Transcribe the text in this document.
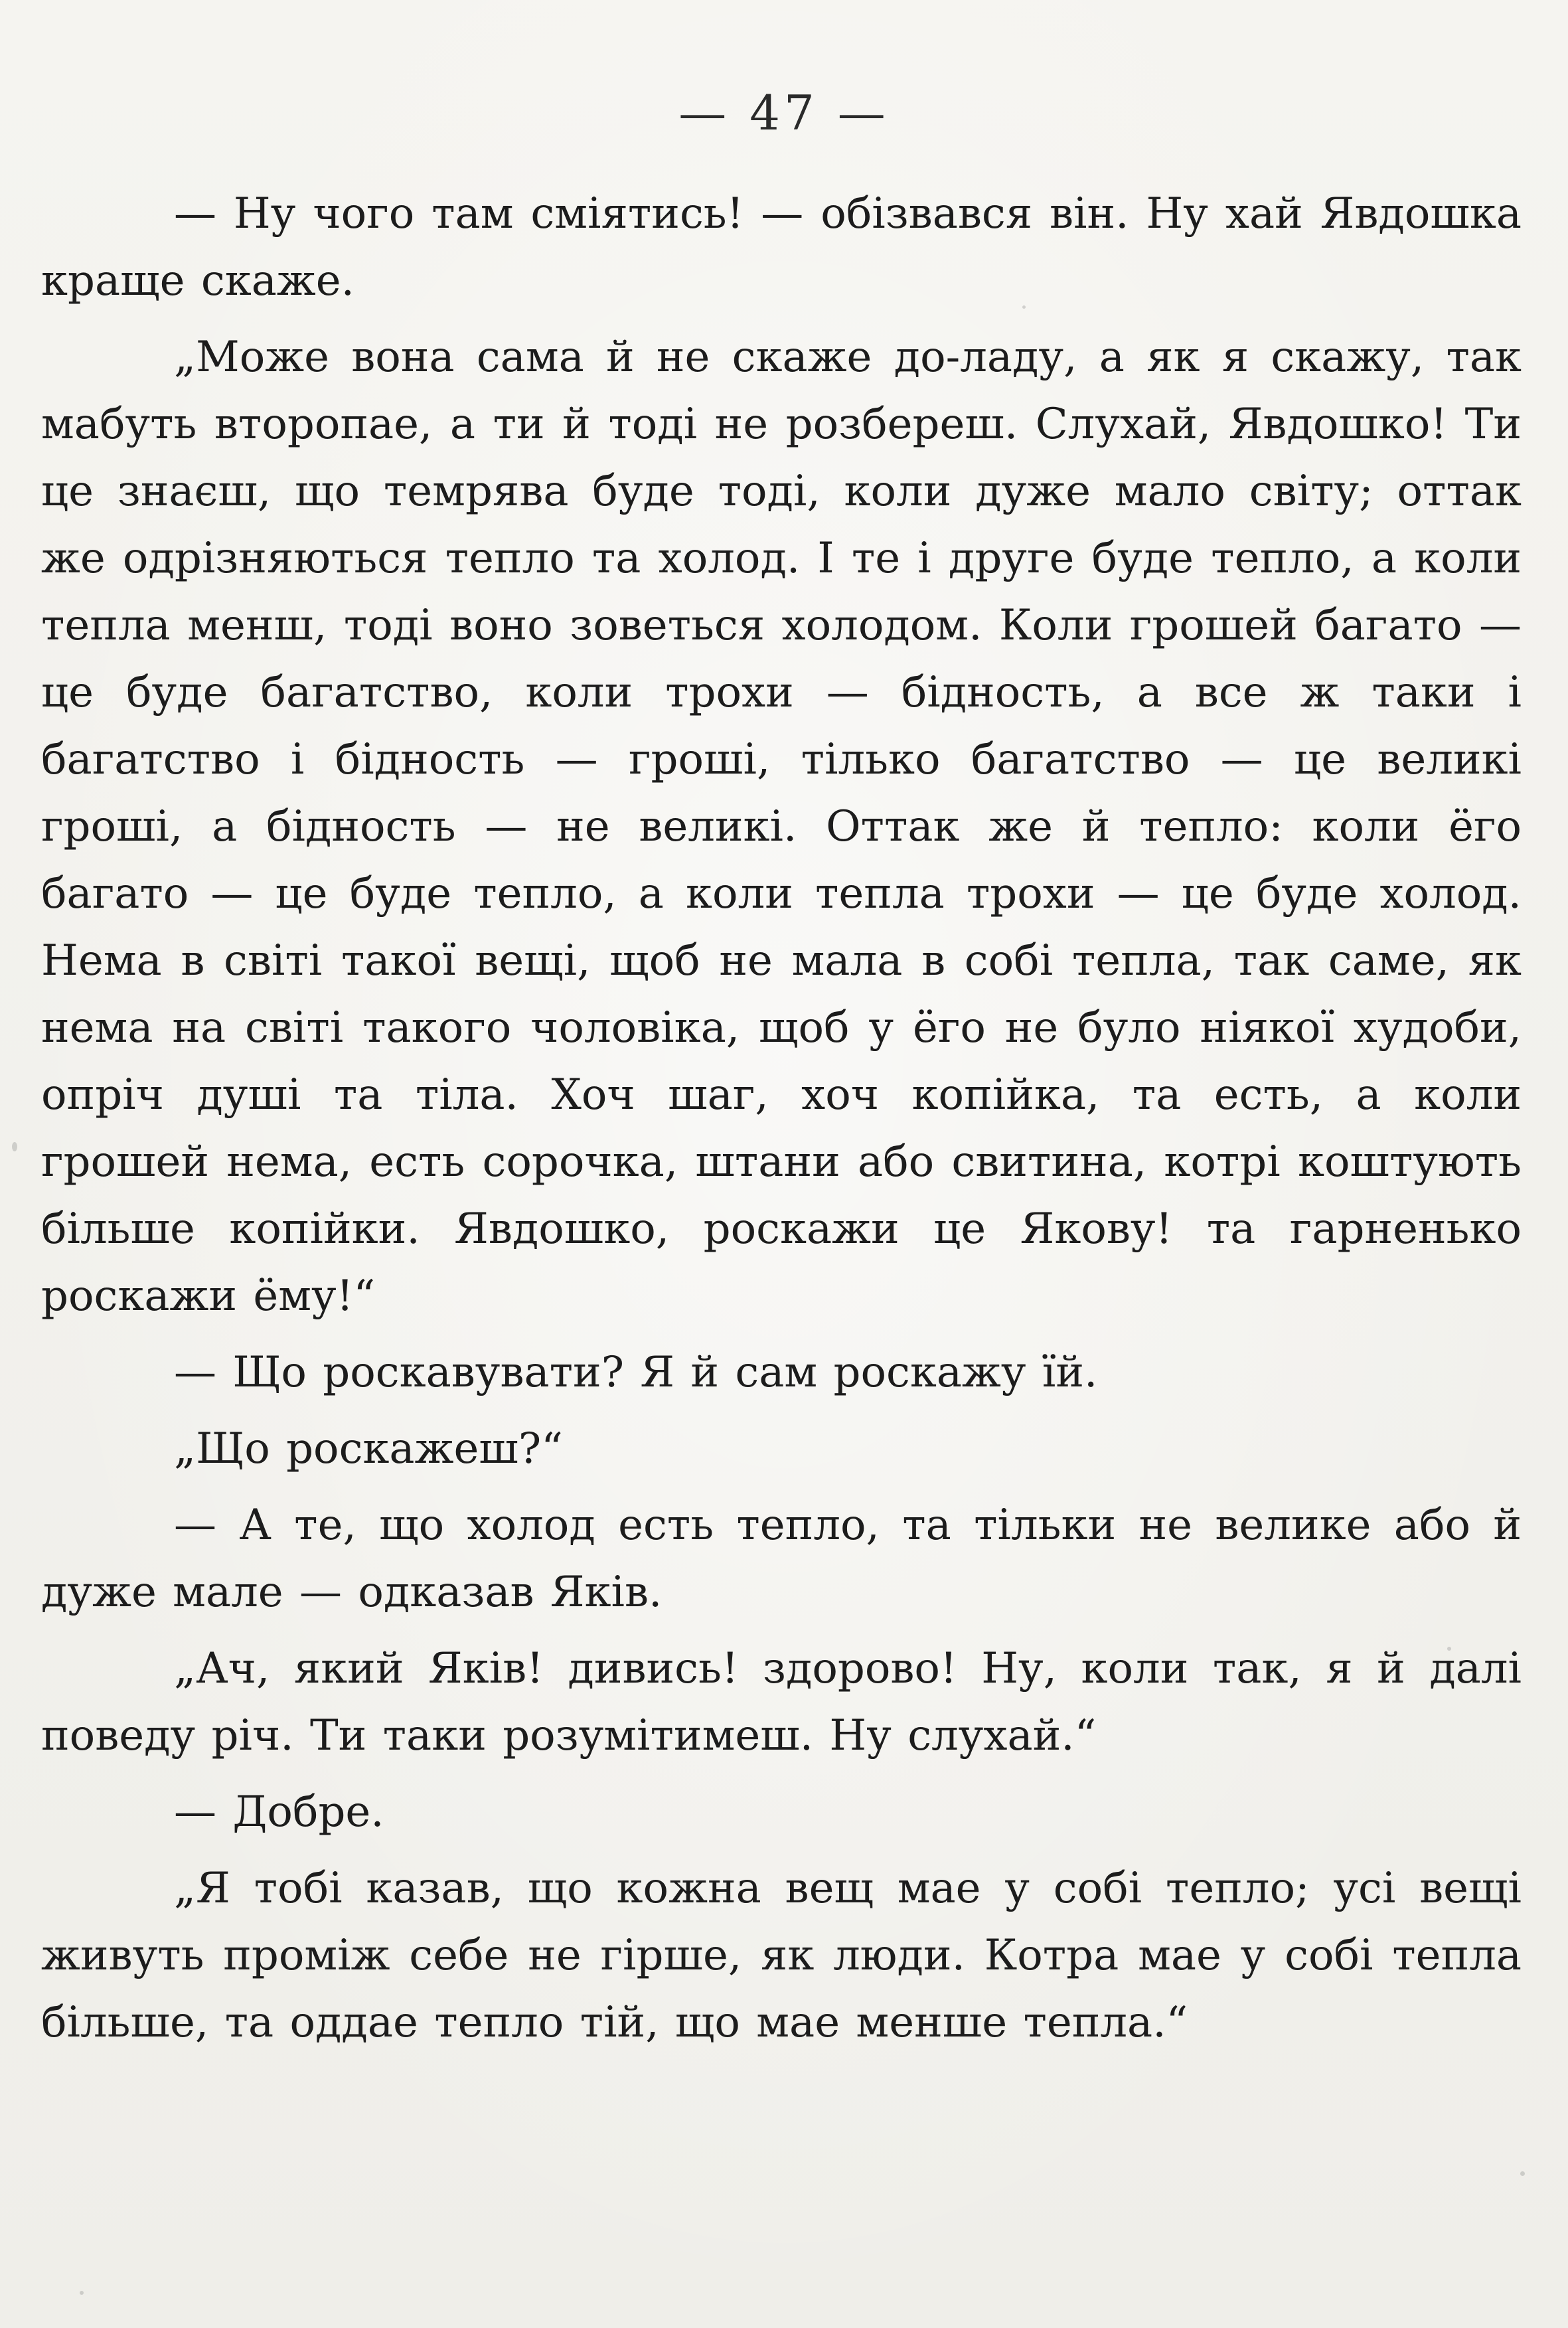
— 47 —

— Ну чого там сміятись! — обізвався він. Ну хай Явдошка краще скаже.

„Може вона сама й не скаже до-ладу, а як я скажу, так мабуть второпае, а ти й тоді не розбереш. Слухай, Явдошко! Ти це знаєш, що темрява буде тоді, коли дуже мало світу; оттак же одрізняються тепло та холод. І те і друге буде тепло, а коли тепла менш, тоді воно зоветься холодом. Коли грошей багато — це буде багатство, коли трохи — бідность, а все ж таки і багатство і бідность — гроші, тілько багатство — це великі гроші, а бідность — не великі. Оттак же й тепло: коли ёго багато — це буде тепло, а коли тепла трохи — це буде холод. Нема в світі такої вещі, щоб не мала в собі тепла, так саме, як нема на світі такого чоловіка, щоб у ёго не було ніякої худоби, опріч душі та тіла. Хоч шаг, хоч копійка, та есть, а коли грошей нема, есть сорочка, штани або свитина, котрі коштують більше копійки. Явдошко, роскажи це Якову! та гарненько роскажи ёму!“

— Що роскавувати? Я й сам роскажу їй.

„Що роскажеш?“

— А те, що холод есть тепло, та тільки не велике або й дуже мале — одказав Яків.

„Ач, який Яків! дивись! здорово! Ну, коли так, я й далі поведу річ. Ти таки розумітимеш. Ну слухай.“

— Добре.

„Я тобі казав, що кожна вещ мае у собі тепло; усі вещі живуть проміж себе не гірше, як люди. Котра мае у собі тепла більше, та оддае тепло тій, що мае менше тепла.“
